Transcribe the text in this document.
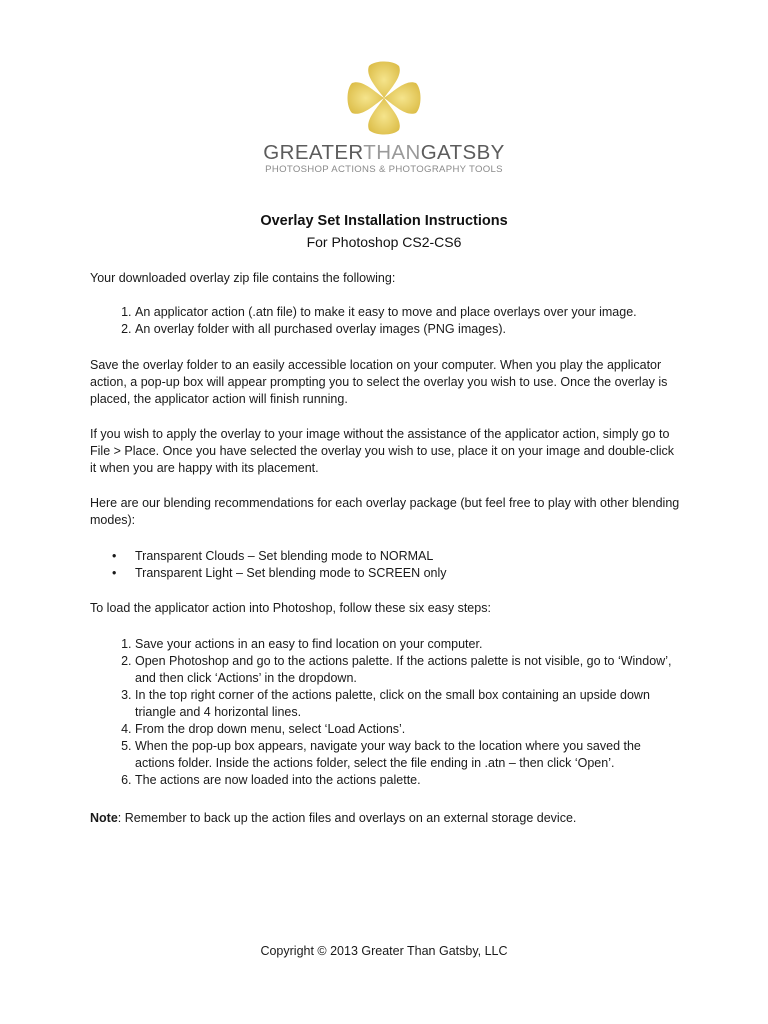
GREATERTHANGATSBY
PHOTOSHOP ACTIONS & PHOTOGRAPHY TOOLS
Overlay Set Installation Instructions
For Photoshop CS2-CS6

Your downloaded overlay zip file contains the following:

1. An applicator action (.atn file) to make it easy to move and place overlays over your image.
2. An overlay folder with all purchased overlay images (PNG images).

Save the overlay folder to an easily accessible location on your computer. When you play the applicator action, a pop-up box will appear prompting you to select the overlay you wish to use. Once the overlay is placed, the applicator action will finish running.

If you wish to apply the overlay to your image without the assistance of the applicator action, simply go to File > Place. Once you have selected the overlay you wish to use, place it on your image and double-click it when you are happy with its placement.

Here are our blending recommendations for each overlay package (but feel free to play with other blending modes):

• Transparent Clouds – Set blending mode to NORMAL
• Transparent Light – Set blending mode to SCREEN only

To load the applicator action into Photoshop, follow these six easy steps:

1. Save your actions in an easy to find location on your computer.
2. Open Photoshop and go to the actions palette. If the actions palette is not visible, go to ‘Window’, and then click ‘Actions’ in the dropdown.
3. In the top right corner of the actions palette, click on the small box containing an upside down triangle and 4 horizontal lines.
4. From the drop down menu, select ‘Load Actions’.
5. When the pop-up box appears, navigate your way back to the location where you saved the actions folder. Inside the actions folder, select the file ending in .atn – then click ‘Open’.
6. The actions are now loaded into the actions palette.

Note: Remember to back up the action files and overlays on an external storage device.

Copyright © 2013 Greater Than Gatsby, LLC
